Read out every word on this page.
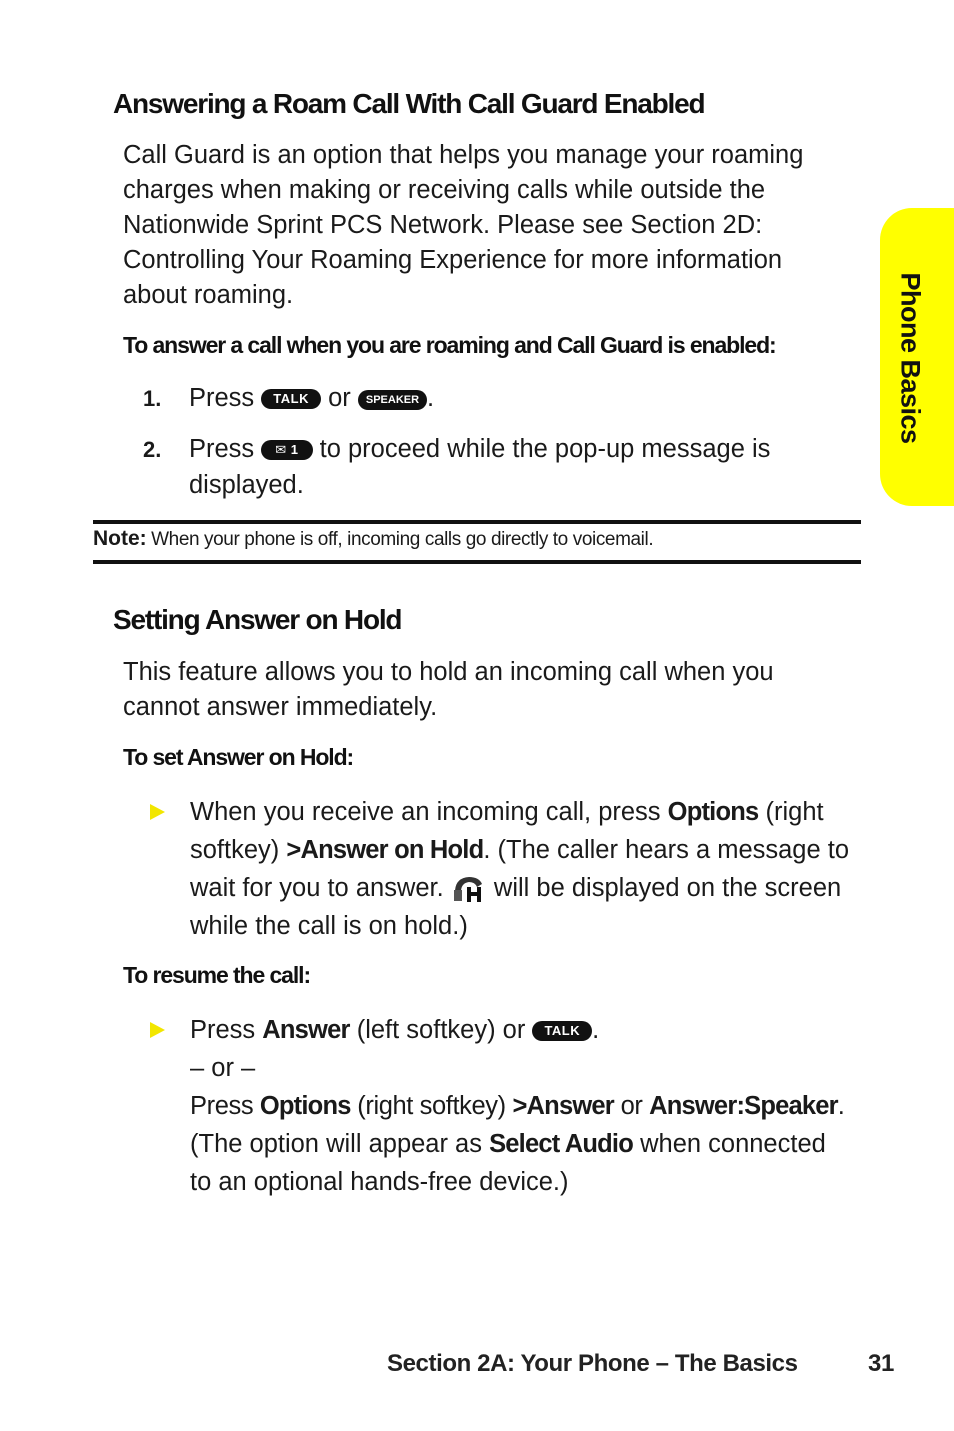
Phone Basics
Answering a Roam Call With Call Guard Enabled
Call Guard is an option that helps you manage your roaming
charges when making or receiving calls while outside the
Nationwide Sprint PCS Network. Please see Section 2D:
Controlling Your Roaming Experience for more information
about roaming.
To answer a call when you are roaming and Call Guard is enabled:
1. Press TALK or SPEAKER .
2. Press ✉ 1 to proceed while the pop-up message is
displayed.
Note: When your phone is off, incoming calls go directly to voicemail.
Setting Answer on Hold
This feature allows you to hold an incoming call when you
cannot answer immediately.
To set Answer on Hold:
When you receive an incoming call, press Options (right
softkey) >Answer on Hold. (The caller hears a message to
wait for you to answer. will be displayed on the screen
while the call is on hold.)
To resume the call:
Press Answer (left softkey) or TALK .
– or –
Press Options (right softkey) >Answer or Answer:Speaker.
(The option will appear as Select Audio when connected
to an optional hands-free device.)
Section 2A: Your Phone – The Basics	31
